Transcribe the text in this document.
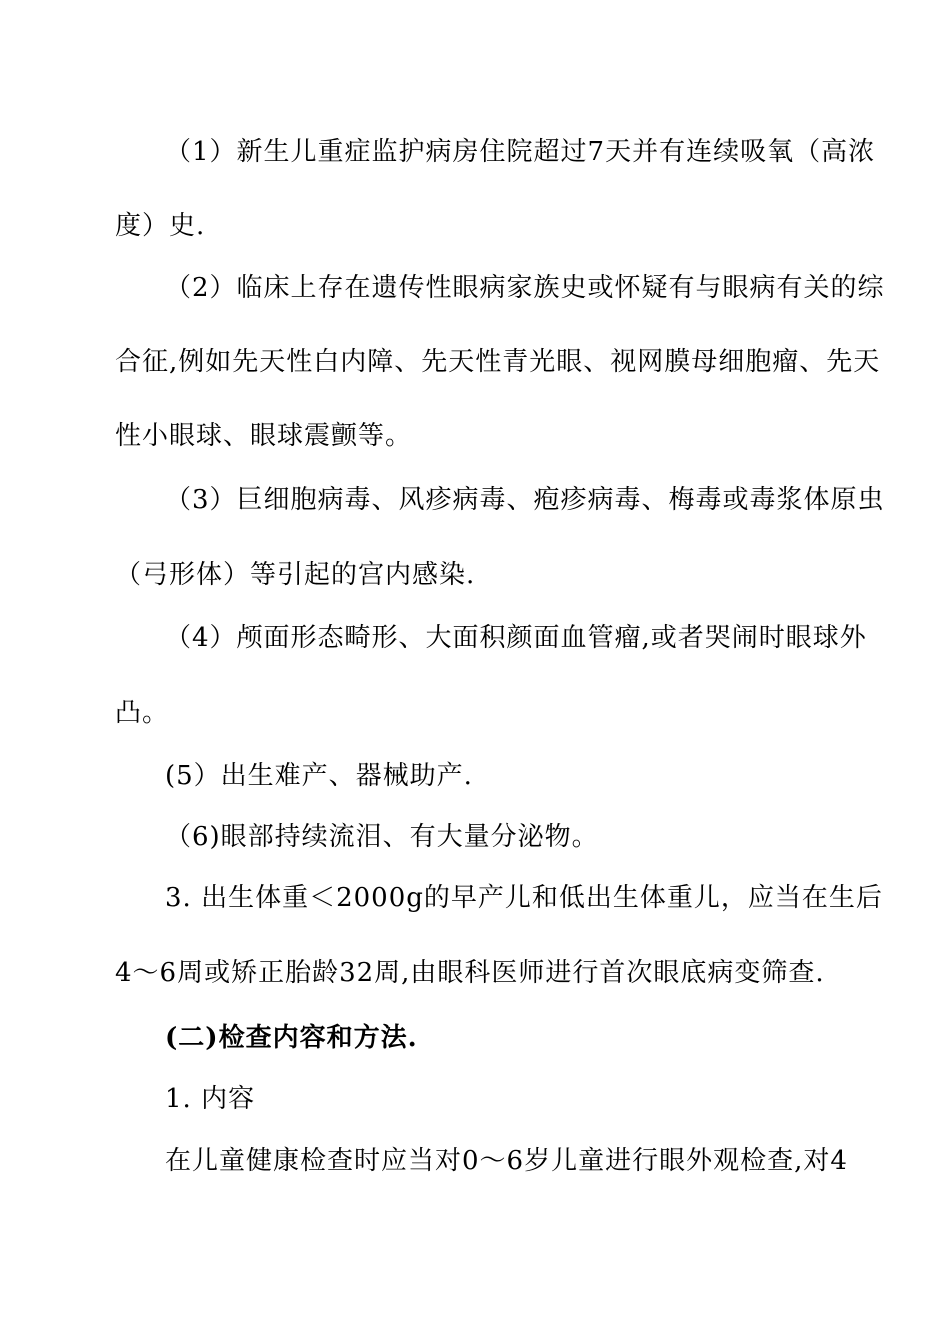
（1）新生儿重症监护病房住院超过7天并有连续吸氧（高浓

度）史.

（2）临床上存在遗传性眼病家族史或怀疑有与眼病有关的综

合征,例如先天性白内障、先天性青光眼、视网膜母细胞瘤、先天

性小眼球、眼球震颤等。

（3）巨细胞病毒、风疹病毒、疱疹病毒、梅毒或毒浆体原虫

（弓形体）等引起的宫内感染.

（4）颅面形态畸形、大面积颜面血管瘤,或者哭闹时眼球外

凸。

(5）出生难产、器械助产.

（6)眼部持续流泪、有大量分泌物。

3. 出生体重＜2000g的早产儿和低出生体重儿，应当在生后

4～6周或矫正胎龄32周,由眼科医师进行首次眼底病变筛查.

(二)检查内容和方法.

1. 内容

在儿童健康检查时应当对0～6岁儿童进行眼外观检查,对4
